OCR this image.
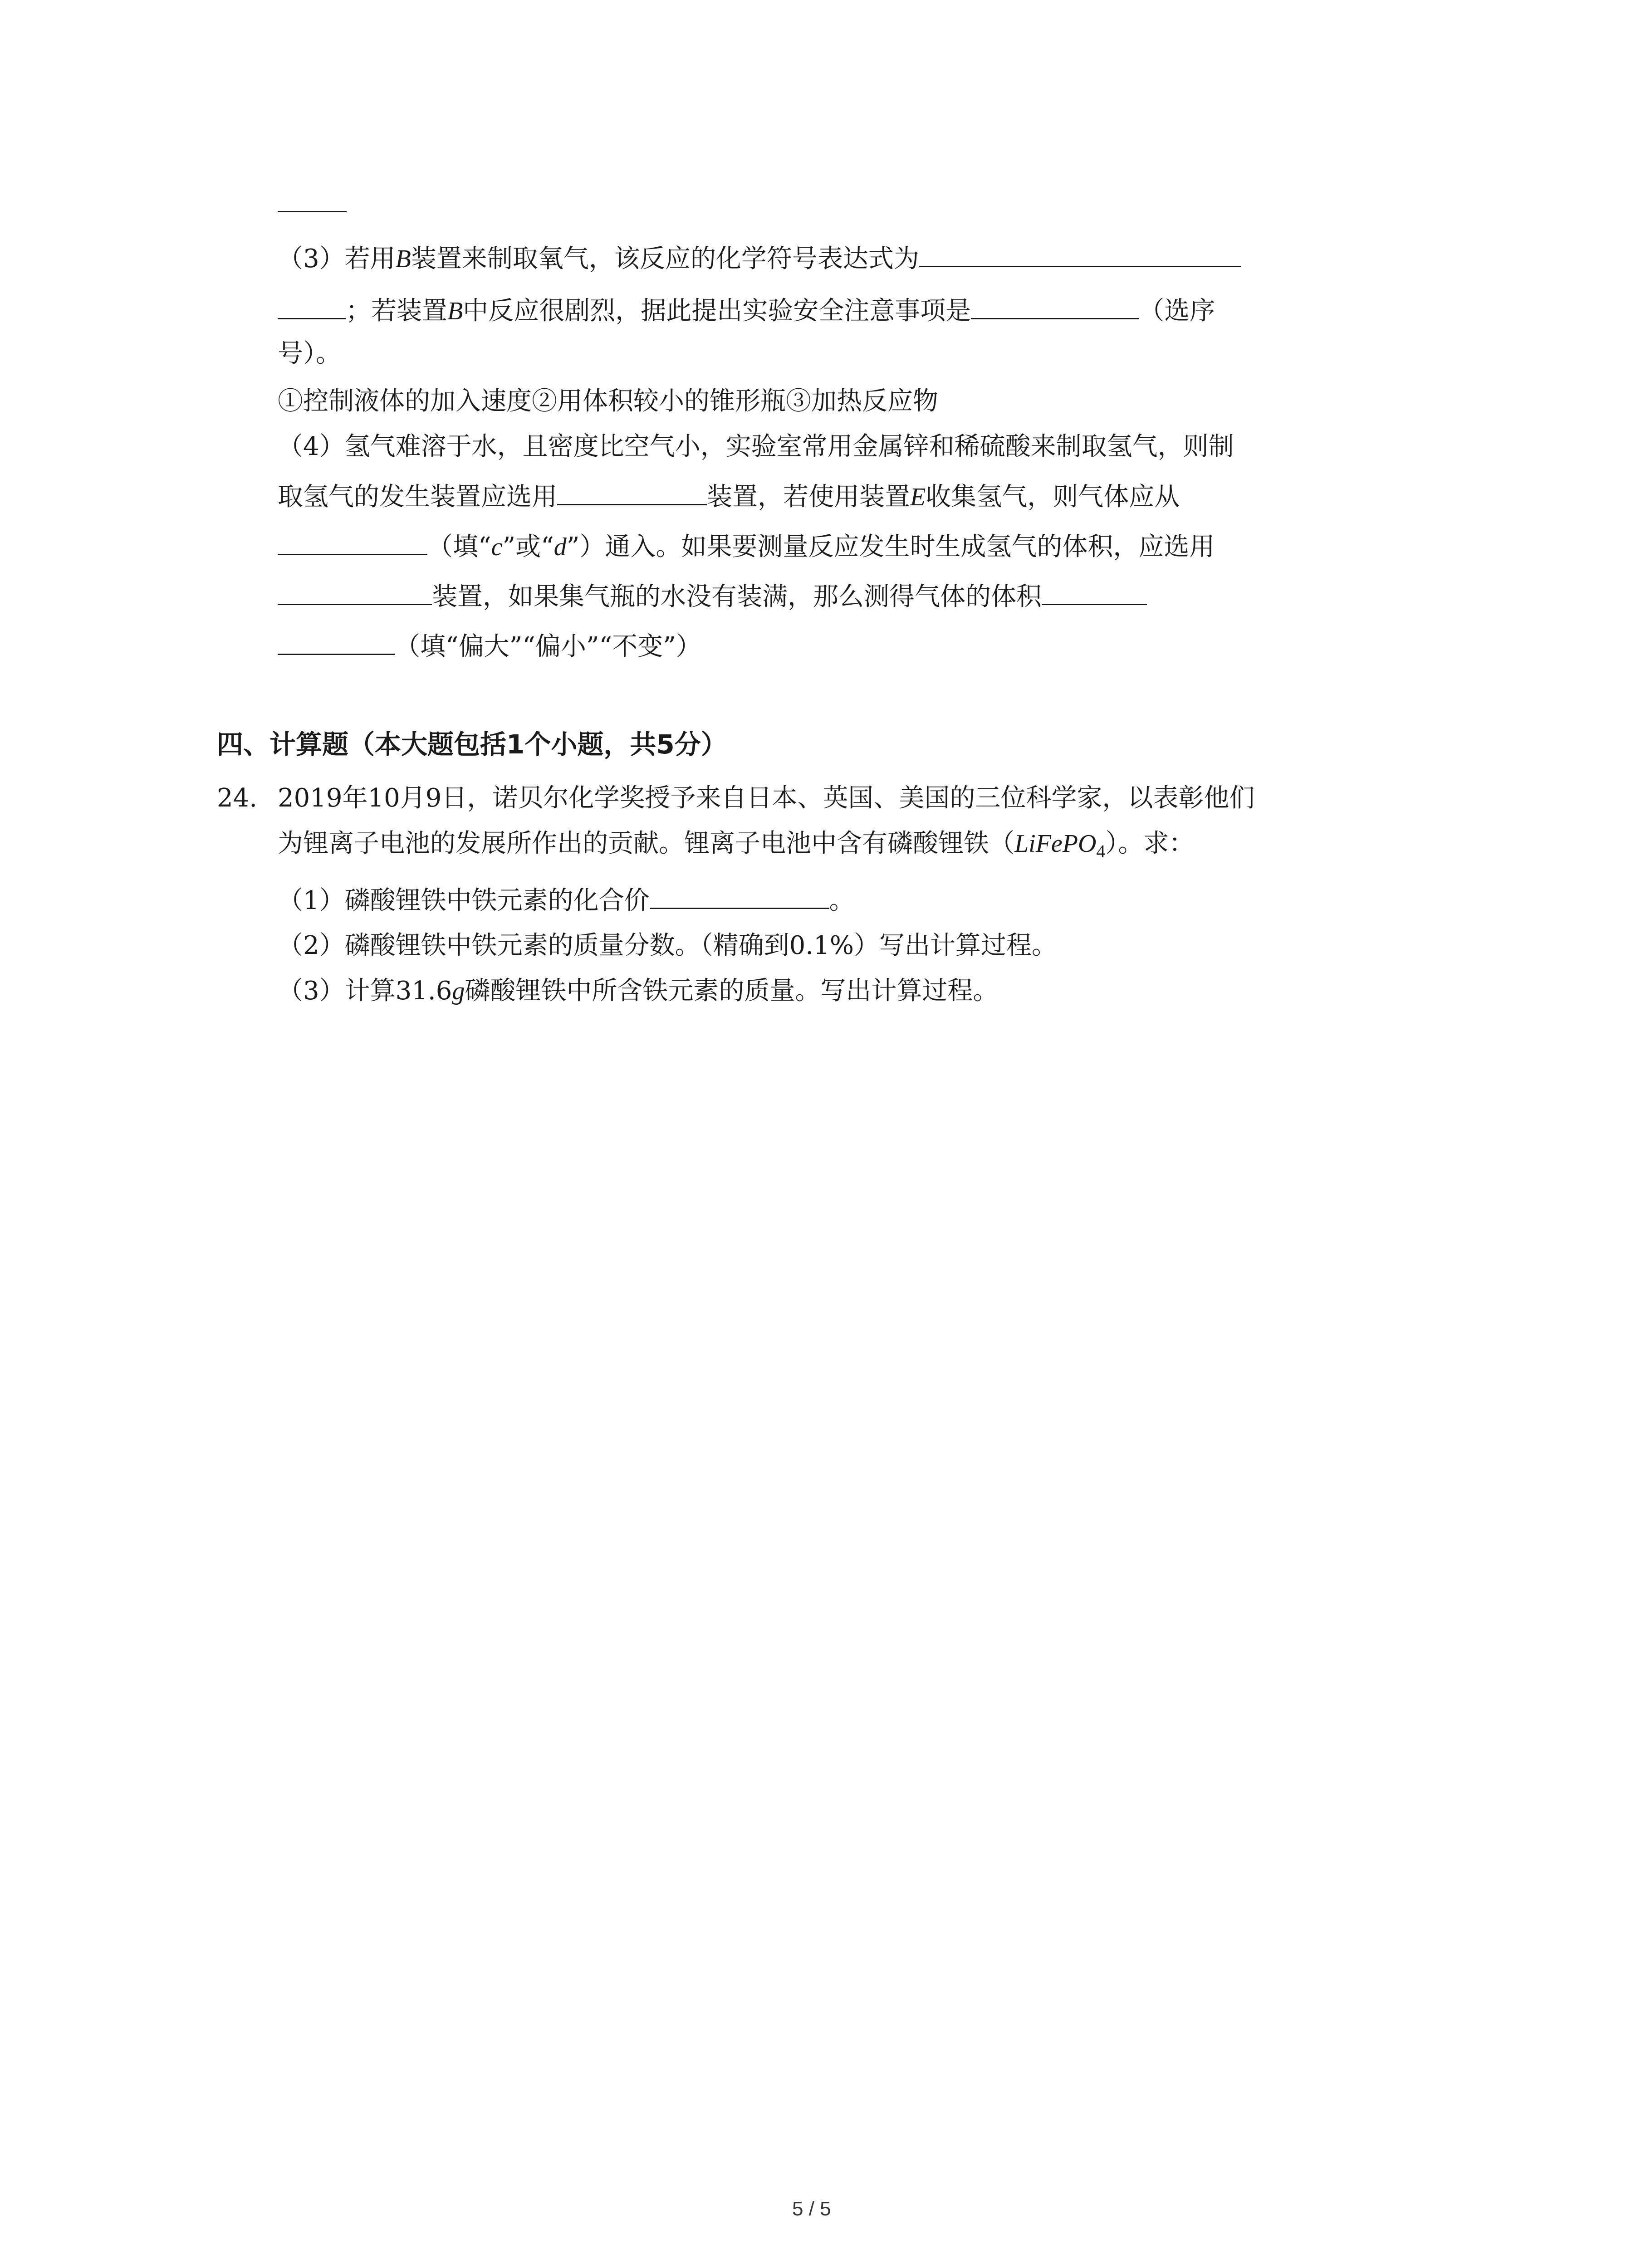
（3）若用B装置来制取氧气，该反应的化学符号表达式为
；若装置B中反应很剧烈，据此提出实验安全注意事项是	（选序
号）。
①控制液体的加入速度②用体积较小的锥形瓶③加热反应物
（4）氢气难溶于水，且密度比空气小，实验室常用金属锌和稀硫酸来制取氢气，则制
取氢气的发生装置应选用	装置，若使用装置E收集氢气，则气体应从
（填“c”或“d”）通入。如果要测量反应发生时生成氢气的体积，应选用
装置，如果集气瓶的水没有装满，那么测得气体的体积
（填“偏大”“偏小”“不变”）
四、计算题（本大题包括1个小题，共5分）
24. 2019年10月9日，诺贝尔化学奖授予来自日本、英国、美国的三位科学家，以表彰他们
为锂离子电池的发展所作出的贡献。锂离子电池中含有磷酸锂铁（LiFePO$_4$）。求：
（1）磷酸锂铁中铁元素的化合价	。
（2）磷酸锂铁中铁元素的质量分数。（精确到0.1%）写出计算过程。
（3）计算31.6g磷酸锂铁中所含铁元素的质量。写出计算过程。
5 / 5
